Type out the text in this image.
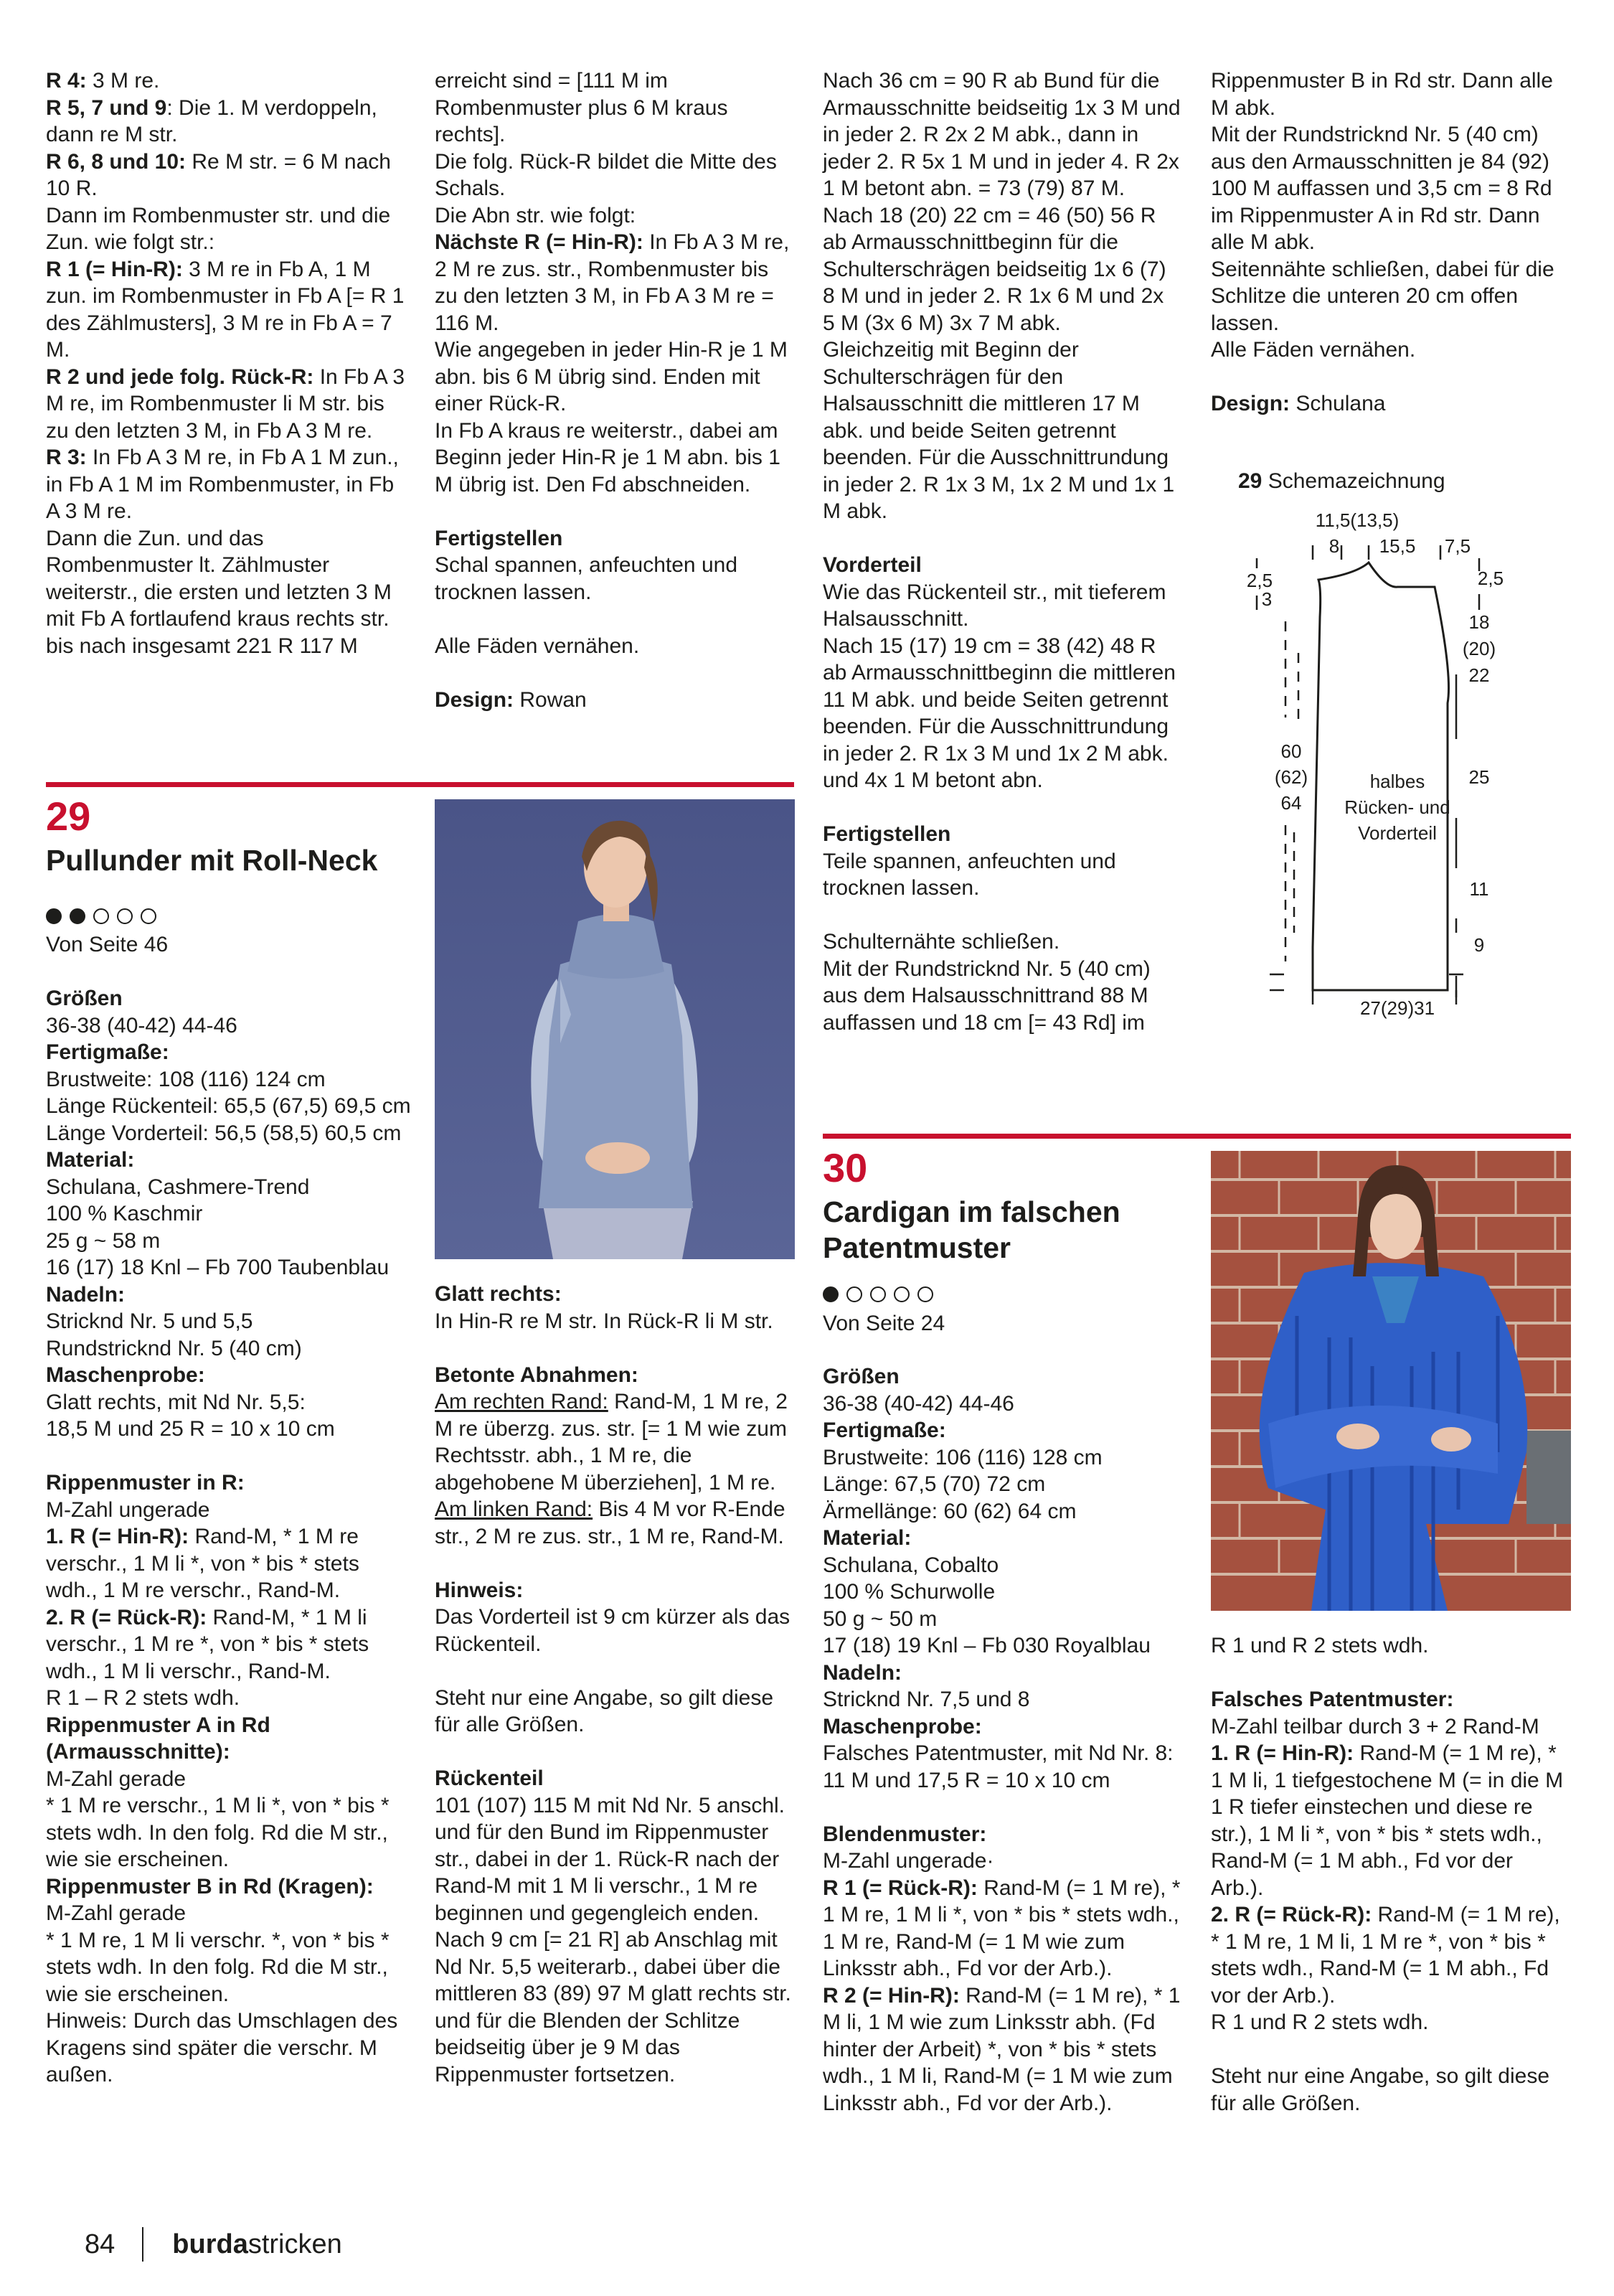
R 4: 3 M re.

R 5, 7 und 9: Die 1. M verdoppeln, dann re M str.

R 6, 8 und 10: Re M str. = 6 M nach 10 R.

Dann im Rombenmuster str. und die Zun. wie folgt str.:

R 1 (= Hin-R): 3 M re in Fb A, 1 M zun. im Rombenmuster in Fb A [= R 1 des Zählmusters], 3 M re in Fb A = 7 M.

R 2 und jede folg. Rück-R: In Fb A 3 M re, im Rombenmuster li M str. bis zu den letzten 3 M, in Fb A 3 M re.

R 3: In Fb A 3 M re, in Fb A 1 M zun., in Fb A 1 M im Rombenmuster, in Fb A 3 M re.

Dann die Zun. und das Rombenmuster lt. Zählmuster weiterstr., die ersten und letzten 3 M mit Fb A fortlaufend kraus rechts str. bis nach insgesamt 221 R 117 M

erreicht sind = [111 M im Rombenmuster plus 6 M kraus rechts].

Die folg. Rück-R bildet die Mitte des Schals.

Die Abn str. wie folgt:

Nächste R (= Hin-R): In Fb A 3 M re, 2 M re zus. str., Rombenmuster bis zu den letzten 3 M, in Fb A 3 M re = 116 M.

Wie angegeben in jeder Hin-R je 1 M abn. bis 6 M übrig sind. Enden mit einer Rück-R.

In Fb A kraus re weiterstr., dabei am Beginn jeder Hin-R je 1 M abn. bis 1 M übrig ist. Den Fd abschneiden.

Fertigstellen

Schal spannen, anfeuchten und trocknen lassen.

Alle Fäden vernähen.

Design: Rowan

Nach 36 cm = 90 R ab Bund für die Armausschnitte beidseitig 1x 3 M und in jeder 2. R 2x 2 M abk., dann in jeder 2. R 5x 1 M und in jeder 4. R 2x 1 M betont abn. = 73 (79) 87 M.

Nach 18 (20) 22 cm = 46 (50) 56 R ab Armausschnittbeginn für die Schulterschrägen beidseitig 1x 6 (7) 8 M und in jeder 2. R 1x 6 M und 2x 5 M (3x 6 M) 3x 7 M abk.

Gleichzeitig mit Beginn der Schulterschrägen für den Halsausschnitt die mittleren 17 M abk. und beide Seiten getrennt beenden. Für die Ausschnittrundung in jeder 2. R 1x 3 M, 1x 2 M und 1x 1 M abk.

Vorderteil

Wie das Rückenteil str., mit tieferem Halsausschnitt.

Nach 15 (17) 19 cm = 38 (42) 48 R ab Armausschnittbeginn die mittleren 11 M abk. und beide Seiten getrennt beenden. Für die Ausschnittrundung in jeder 2. R 1x 3 M und 1x 2 M abk. und 4x 1 M betont abn.

Fertigstellen

Teile spannen, anfeuchten und trocknen lassen.

Schulternähte schließen.

Mit der Rundstricknd Nr. 5 (40 cm) aus dem Halsausschnittrand 88 M auffassen und 18 cm [= 43 Rd] im

Rippenmuster B in Rd str. Dann alle M abk.

Mit der Rundstricknd Nr. 5 (40 cm) aus den Armausschnitten je 84 (92) 100 M auffassen und 3,5 cm = 8 Rd im Rippenmuster A in Rd str. Dann alle M abk.

Seitennähte schließen, dabei für die Schlitze die unteren 20 cm offen lassen.

Alle Fäden vernähen.

Design: Schulana

29
Pullunder mit Roll-Neck
Von Seite 46

Größen

36-38 (40-42) 44-46

Fertigmaße:

Brustweite: 108 (116) 124 cm

Länge Rückenteil: 65,5 (67,5) 69,5 cm

Länge Vorderteil: 56,5 (58,5) 60,5 cm

Material:

Schulana, Cashmere-Trend

100 % Kaschmir

25 g ~ 58 m

16 (17) 18 Knl – Fb 700 Taubenblau

Nadeln:

Stricknd Nr. 5 und 5,5

Rundstricknd Nr. 5 (40 cm)

Maschenprobe:

Glatt rechts, mit Nd Nr. 5,5:

18,5 M und 25 R = 10 x 10 cm

Rippenmuster in R:

M-Zahl ungerade

1. R (= Hin-R): Rand-M, * 1 M re verschr., 1 M li *, von * bis * stets wdh., 1 M re verschr., Rand-M.

2. R (= Rück-R): Rand-M, * 1 M li verschr., 1 M re *, von * bis * stets wdh., 1 M li verschr., Rand-M.

R 1 – R 2 stets wdh.

Rippenmuster A in Rd (Armausschnitte):

M-Zahl gerade

* 1 M re verschr., 1 M li *, von * bis * stets wdh. In den folg. Rd die M str., wie sie erscheinen.

Rippenmuster B in Rd (Kragen):

M-Zahl gerade

* 1 M re, 1 M li verschr. *, von * bis * stets wdh. In den folg. Rd die M str., wie sie erscheinen.

Hinweis: Durch das Umschlagen des Kragens sind später die verschr. M außen.

Glatt rechts:

In Hin-R re M str. In Rück-R li M str.

Betonte Abnahmen:

Am rechten Rand: Rand-M, 1 M re, 2 M re überzg. zus. str. [= 1 M wie zum Rechtsstr. abh., 1 M re, die abgehobene M überziehen], 1 M re.

Am linken Rand: Bis 4 M vor R-Ende str., 2 M re zus. str., 1 M re, Rand-M.

Hinweis:

Das Vorderteil ist 9 cm kürzer als das Rückenteil.

Steht nur eine Angabe, so gilt diese für alle Größen.

Rückenteil

101 (107) 115 M mit Nd Nr. 5 anschl. und für den Bund im Rippenmuster str., dabei in der 1. Rück-R nach der Rand-M mit 1 M li verschr., 1 M re beginnen und gegengleich enden.

Nach 9 cm [= 21 R] ab Anschlag mit Nd Nr. 5,5 weiterarb., dabei über die mittleren 83 (89) 97 M glatt rechts str. und für die Blenden der Schlitze beidseitig über je 9 M das Rippenmuster fortsetzen.

29 Schemazeichnung
11,5(13,5)
8 15,5 7,5
2,5
3
2,5
18
(20)
22
60
(62)
64
halbes
Rücken- und
Vorderteil
25
11
9
27(29)31
30
Cardigan im falschen
Patentmuster
Von Seite 24

Größen

36-38 (40-42) 44-46

Fertigmaße:

Brustweite: 106 (116) 128 cm

Länge: 67,5 (70) 72 cm

Ärmellänge: 60 (62) 64 cm

Material:

Schulana, Cobalto

100 % Schurwolle

50 g ~ 50 m

17 (18) 19 Knl – Fb 030 Royalblau

Nadeln:

Stricknd Nr. 7,5 und 8

Maschenprobe:

Falsches Patentmuster, mit Nd Nr. 8: 11 M und 17,5 R = 10 x 10 cm

Blendenmuster:

M-Zahl ungerade·

R 1 (= Rück-R): Rand-M (= 1 M re), * 1 M re, 1 M li *, von * bis * stets wdh., 1 M re, Rand-M (= 1 M wie zum Linksstr abh., Fd vor der Arb.).

R 2 (= Hin-R): Rand-M (= 1 M re), * 1 M li, 1 M wie zum Linksstr abh. (Fd hinter der Arbeit) *, von * bis * stets wdh., 1 M li, Rand-M (= 1 M wie zum Linksstr abh., Fd vor der Arb.).

R 1 und R 2 stets wdh.

Falsches Patentmuster:

M-Zahl teilbar durch 3 + 2 Rand-M

1. R (= Hin-R): Rand-M (= 1 M re), * 1 M li, 1 tiefgestochene M (= in die M 1 R tiefer einstechen und diese re str.), 1 M li *, von * bis * stets wdh., Rand-M (= 1 M abh., Fd vor der Arb.).

2. R (= Rück-R): Rand-M (= 1 M re), * 1 M re, 1 M li, 1 M re *, von * bis * stets wdh., Rand-M (= 1 M abh., Fd vor der Arb.).

R 1 und R 2 stets wdh.

Steht nur eine Angabe, so gilt diese für alle Größen.

84 burdastricken
